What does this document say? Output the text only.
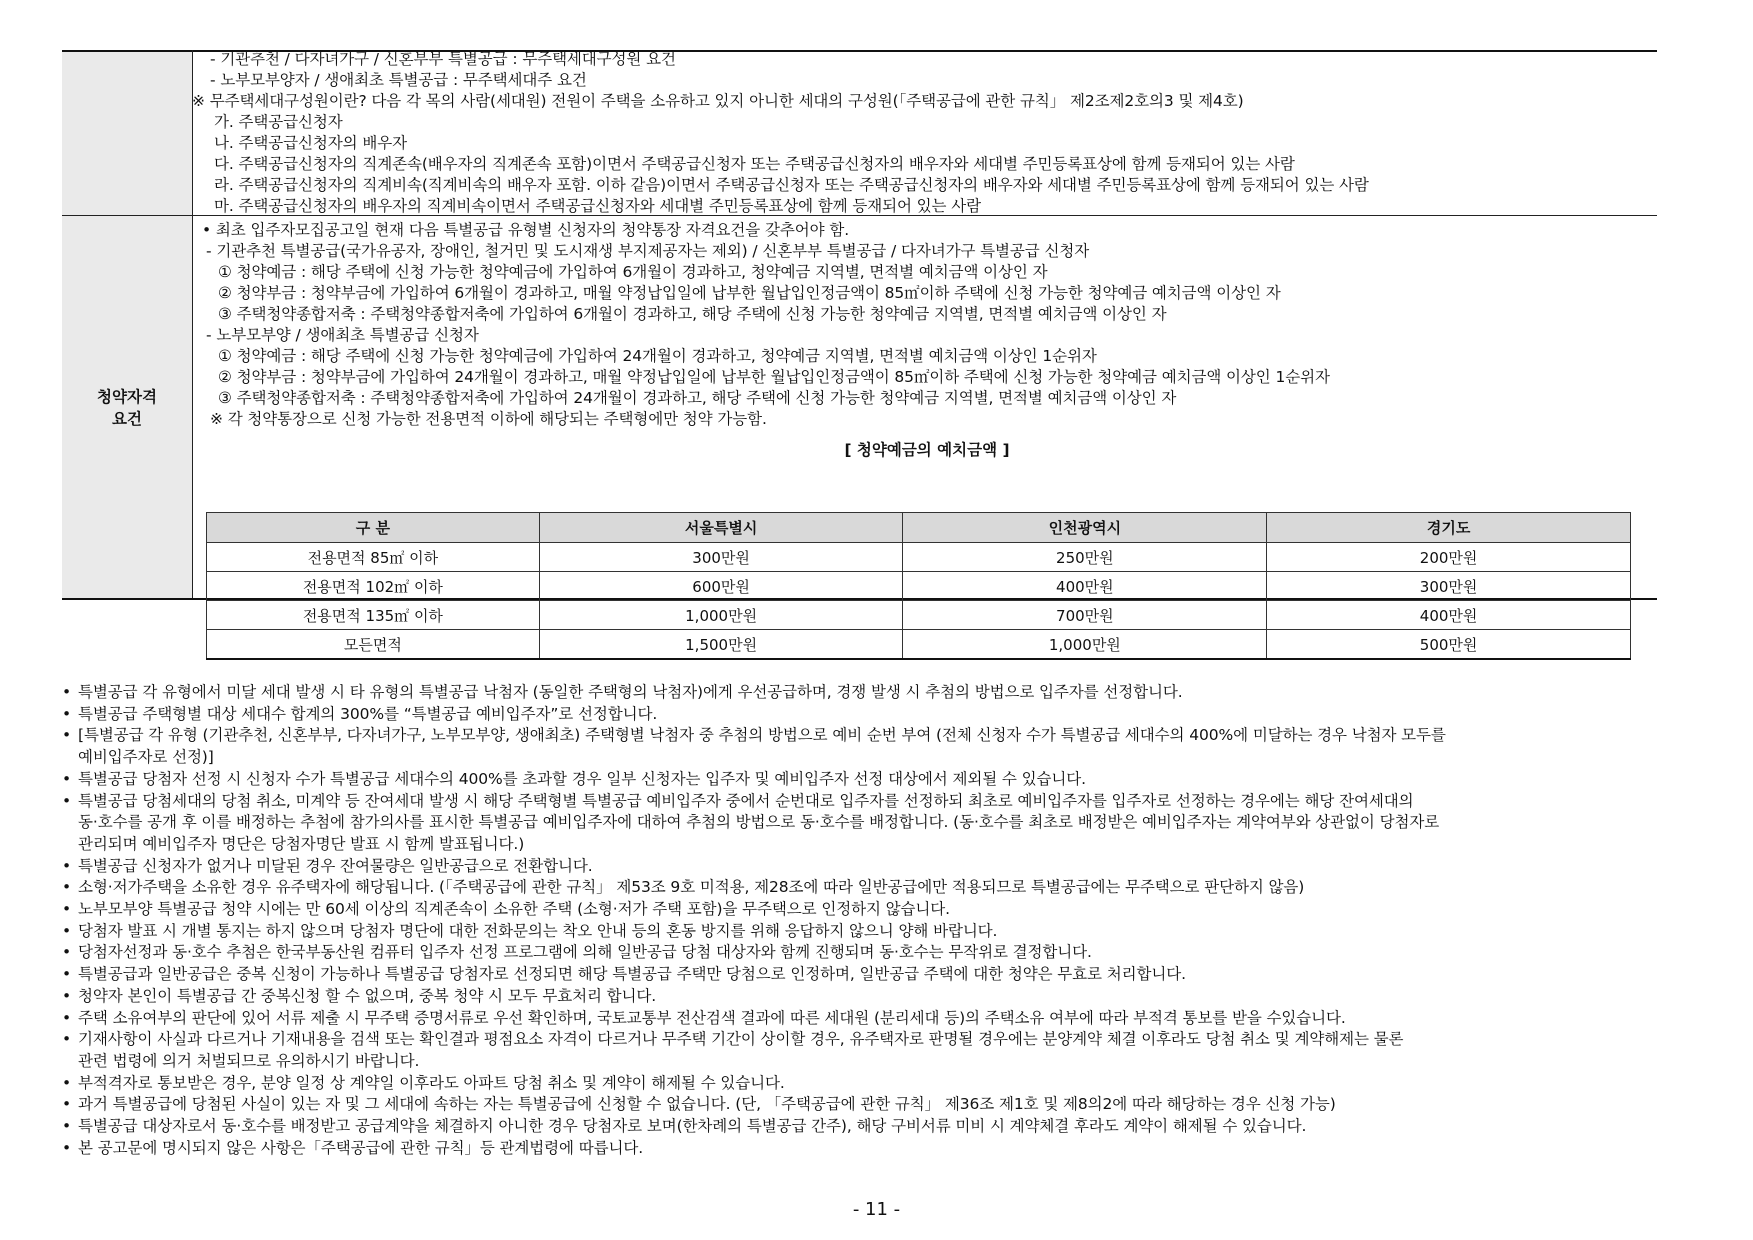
- 기관추천 / 다자녀가구 / 신혼부부 특별공급 : 무주택세대구성원 요건
- 노부모부양자 / 생애최초 특별공급 : 무주택세대주 요건
※ 무주택세대구성원이란? 다음 각 목의 사람(세대원) 전원이 주택을 소유하고 있지 아니한 세대의 구성원(「주택공급에 관한 규칙」 제2조제2호의3 및 제4호)
가. 주택공급신청자
나. 주택공급신청자의 배우자
다. 주택공급신청자의 직계존속(배우자의 직계존속 포함)이면서 주택공급신청자 또는 주택공급신청자의 배우자와 세대별 주민등록표상에 함께 등재되어 있는 사람
라. 주택공급신청자의 직계비속(직계비속의 배우자 포함. 이하 같음)이면서 주택공급신청자 또는 주택공급신청자의 배우자와 세대별 주민등록표상에 함께 등재되어 있는 사람
마. 주택공급신청자의 배우자의 직계비속이면서 주택공급신청자와 세대별 주민등록표상에 함께 등재되어 있는 사람
청약자격
요건
• 최초 입주자모집공고일 현재 다음 특별공급 유형별 신청자의 청약통장 자격요건을 갖추어야 함.
- 기관추천 특별공급(국가유공자, 장애인, 철거민 및 도시재생 부지제공자는 제외) / 신혼부부 특별공급 / 다자녀가구 특별공급 신청자
① 청약예금 : 해당 주택에 신청 가능한 청약예금에 가입하여 6개월이 경과하고, 청약예금 지역별, 면적별 예치금액 이상인 자
② 청약부금 : 청약부금에 가입하여 6개월이 경과하고, 매월 약정납입일에 납부한 월납입인정금액이 85㎡이하 주택에 신청 가능한 청약예금 예치금액 이상인 자
③ 주택청약종합저축 : 주택청약종합저축에 가입하여 6개월이 경과하고, 해당 주택에 신청 가능한 청약예금 지역별, 면적별 예치금액 이상인 자
- 노부모부양 / 생애최초 특별공급 신청자
① 청약예금 : 해당 주택에 신청 가능한 청약예금에 가입하여 24개월이 경과하고, 청약예금 지역별, 면적별 예치금액 이상인 1순위자
② 청약부금 : 청약부금에 가입하여 24개월이 경과하고, 매월 약정납입일에 납부한 월납입인정금액이 85㎡이하 주택에 신청 가능한 청약예금 예치금액 이상인 1순위자
③ 주택청약종합저축 : 주택청약종합저축에 가입하여 24개월이 경과하고, 해당 주택에 신청 가능한 청약예금 지역별, 면적별 예치금액 이상인 자
※ 각 청약통장으로 신청 가능한 전용면적 이하에 해당되는 주택형에만 청약 가능함.
[ 청약예금의 예치금액 ]
구 분	서울특별시	인천광역시	경기도
전용면적 85㎡ 이하	300만원	250만원	200만원
전용면적 102㎡ 이하	600만원	400만원	300만원
전용면적 135㎡ 이하	1,000만원	700만원	400만원
모든면적	1,500만원	1,000만원	500만원
• 특별공급 각 유형에서 미달 세대 발생 시 타 유형의 특별공급 낙첨자 (동일한 주택형의 낙첨자)에게 우선공급하며, 경쟁 발생 시 추첨의 방법으로 입주자를 선정합니다.
• 특별공급 주택형별 대상 세대수 합계의 300%를 “특별공급 예비입주자”로 선정합니다.
• [특별공급 각 유형 (기관추천, 신혼부부, 다자녀가구, 노부모부양, 생애최초) 주택형별 낙첨자 중 추첨의 방법으로 예비 순번 부여 (전체 신청자 수가 특별공급 세대수의 400%에 미달하는 경우 낙첨자 모두를
예비입주자로 선정)]
• 특별공급 당첨자 선정 시 신청자 수가 특별공급 세대수의 400%를 초과할 경우 일부 신청자는 입주자 및 예비입주자 선정 대상에서 제외될 수 있습니다.
• 특별공급 당첨세대의 당첨 취소, 미계약 등 잔여세대 발생 시 해당 주택형별 특별공급 예비입주자 중에서 순번대로 입주자를 선정하되 최초로 예비입주자를 입주자로 선정하는 경우에는 해당 잔여세대의
동·호수를 공개 후 이를 배정하는 추첨에 참가의사를 표시한 특별공급 예비입주자에 대하여 추첨의 방법으로 동·호수를 배정합니다. (동·호수를 최초로 배정받은 예비입주자는 계약여부와 상관없이 당첨자로
관리되며 예비입주자 명단은 당첨자명단 발표 시 함께 발표됩니다.)
• 특별공급 신청자가 없거나 미달된 경우 잔여물량은 일반공급으로 전환합니다.
• 소형·저가주택을 소유한 경우 유주택자에 해당됩니다. (「주택공급에 관한 규칙」 제53조 9호 미적용, 제28조에 따라 일반공급에만 적용되므로 특별공급에는 무주택으로 판단하지 않음)
• 노부모부양 특별공급 청약 시에는 만 60세 이상의 직계존속이 소유한 주택 (소형·저가 주택 포함)을 무주택으로 인정하지 않습니다.
• 당첨자 발표 시 개별 통지는 하지 않으며 당첨자 명단에 대한 전화문의는 착오 안내 등의 혼동 방지를 위해 응답하지 않으니 양해 바랍니다.
• 당첨자선정과 동·호수 추첨은 한국부동산원 컴퓨터 입주자 선정 프로그램에 의해 일반공급 당첨 대상자와 함께 진행되며 동·호수는 무작위로 결정합니다.
• 특별공급과 일반공급은 중복 신청이 가능하나 특별공급 당첨자로 선정되면 해당 특별공급 주택만 당첨으로 인정하며, 일반공급 주택에 대한 청약은 무효로 처리합니다.
• 청약자 본인이 특별공급 간 중복신청 할 수 없으며, 중복 청약 시 모두 무효처리 합니다.
• 주택 소유여부의 판단에 있어 서류 제출 시 무주택 증명서류로 우선 확인하며, 국토교통부 전산검색 결과에 따른 세대원 (분리세대 등)의 주택소유 여부에 따라 부적격 통보를 받을 수있습니다.
• 기재사항이 사실과 다르거나 기재내용을 검색 또는 확인결과 평점요소 자격이 다르거나 무주택 기간이 상이할 경우, 유주택자로 판명될 경우에는 분양계약 체결 이후라도 당첨 취소 및 계약해제는 물론
관련 법령에 의거 처벌되므로 유의하시기 바랍니다.
• 부적격자로 통보받은 경우, 분양 일정 상 계약일 이후라도 아파트 당첨 취소 및 계약이 해제될 수 있습니다.
• 과거 특별공급에 당첨된 사실이 있는 자 및 그 세대에 속하는 자는 특별공급에 신청할 수 없습니다. (단, 「주택공급에 관한 규칙」 제36조 제1호 및 제8의2에 따라 해당하는 경우 신청 가능)
• 특별공급 대상자로서 동·호수를 배정받고 공급계약을 체결하지 아니한 경우 당첨자로 보며(한차례의 특별공급 간주), 해당 구비서류 미비 시 계약체결 후라도 계약이 해제될 수 있습니다.
• 본 공고문에 명시되지 않은 사항은「주택공급에 관한 규칙」등 관계법령에 따릅니다.
- 11 -
